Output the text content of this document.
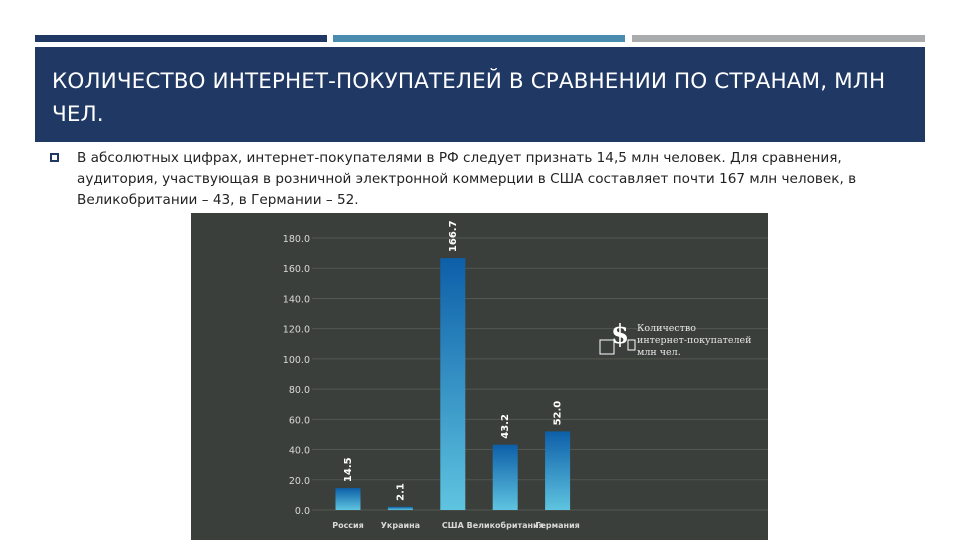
КОЛИЧЕСТВО ИНТЕРНЕТ-ПОКУПАТЕЛЕЙ В СРАВНЕНИИ ПО СТРАНАМ, МЛН ЧЕЛ.
В абсолютных цифрах, интернет-покупателями в РФ следует признать 14,5 млн человек. Для сравнения, аудитория, участвующая в розничной электронной коммерции в США составляет почти 167 млн человек, в Великобритании – 43, в Германии – 52.
0.0
20.0
40.0
60.0
80.0
100.0
120.0
140.0
160.0
180.0
14.5
2.1
166.7
43.2
52.0
Россия Украина	США Великобритания
Германия
$ Количество интернет-покупателей млн чел.
